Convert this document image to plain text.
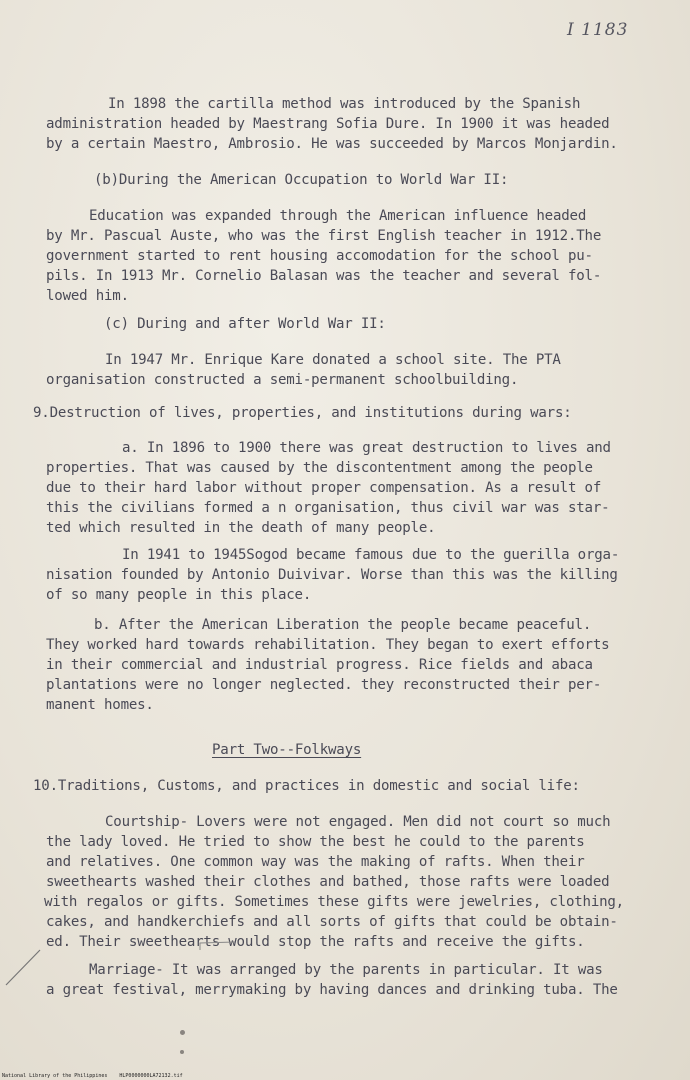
I 1183
In 1898 the cartilla method was introduced by the Spanish
administration headed by Maestrang Sofia Dure. In 1900 it was headed
by a certain Maestro, Ambrosio. He was succeeded by Marcos Monjardin.
(b)During the American Occupation to World War II:
Education was expanded through the American influence headed
by Mr. Pascual Auste, who was the first English teacher in 1912.The
government started to rent housing accomodation for the school pu-
pils. In 1913 Mr. Cornelio Balasan was the teacher and several fol-
lowed him.
(c) During and after World War II:
In 1947 Mr. Enrique Kare donated a school site. The PTA
organisation constructed a semi-permanent schoolbuilding.
9.Destruction of lives, properties, and institutions during wars:
a. In 1896 to 1900 there was great destruction to lives and
properties. That was caused by the discontentment among the people
due to their hard labor without proper compensation. As a result of
this the civilians formed a n organisation, thus civil war was star-
ted which resulted in the death of many people.
In 1941 to 1945Sogod became famous due to the guerilla orga-
nisation founded by Antonio Duivivar. Worse than this was the killing
of so many people in this place.
b. After the American Liberation the people became peaceful.
They worked hard towards rehabilitation. They began to exert efforts
in their commercial and industrial progress. Rice fields and abaca
plantations were no longer neglected. they reconstructed their per-
manent homes.
Part Two--Folkways
10.Traditions, Customs, and practices in domestic and social life:
Courtship- Lovers were not engaged. Men did not court so much
the lady loved. He tried to show the best he could to the parents
and relatives. One common way was the making of rafts. When their
sweethearts washed their clothes and bathed, those rafts were loaded
with regalos or gifts. Sometimes these gifts were jewelries, clothing,
cakes, and handkerchiefs and all sorts of gifts that could be obtain-
ed. Their sweethearts would stop the rafts and receive the gifts.
Marriage- It was arranged by the parents in particular. It was
a great festival, merrymaking by having dances and drinking tuba. The
National Library of the Philippines    HLP0000000LA72132.tif
